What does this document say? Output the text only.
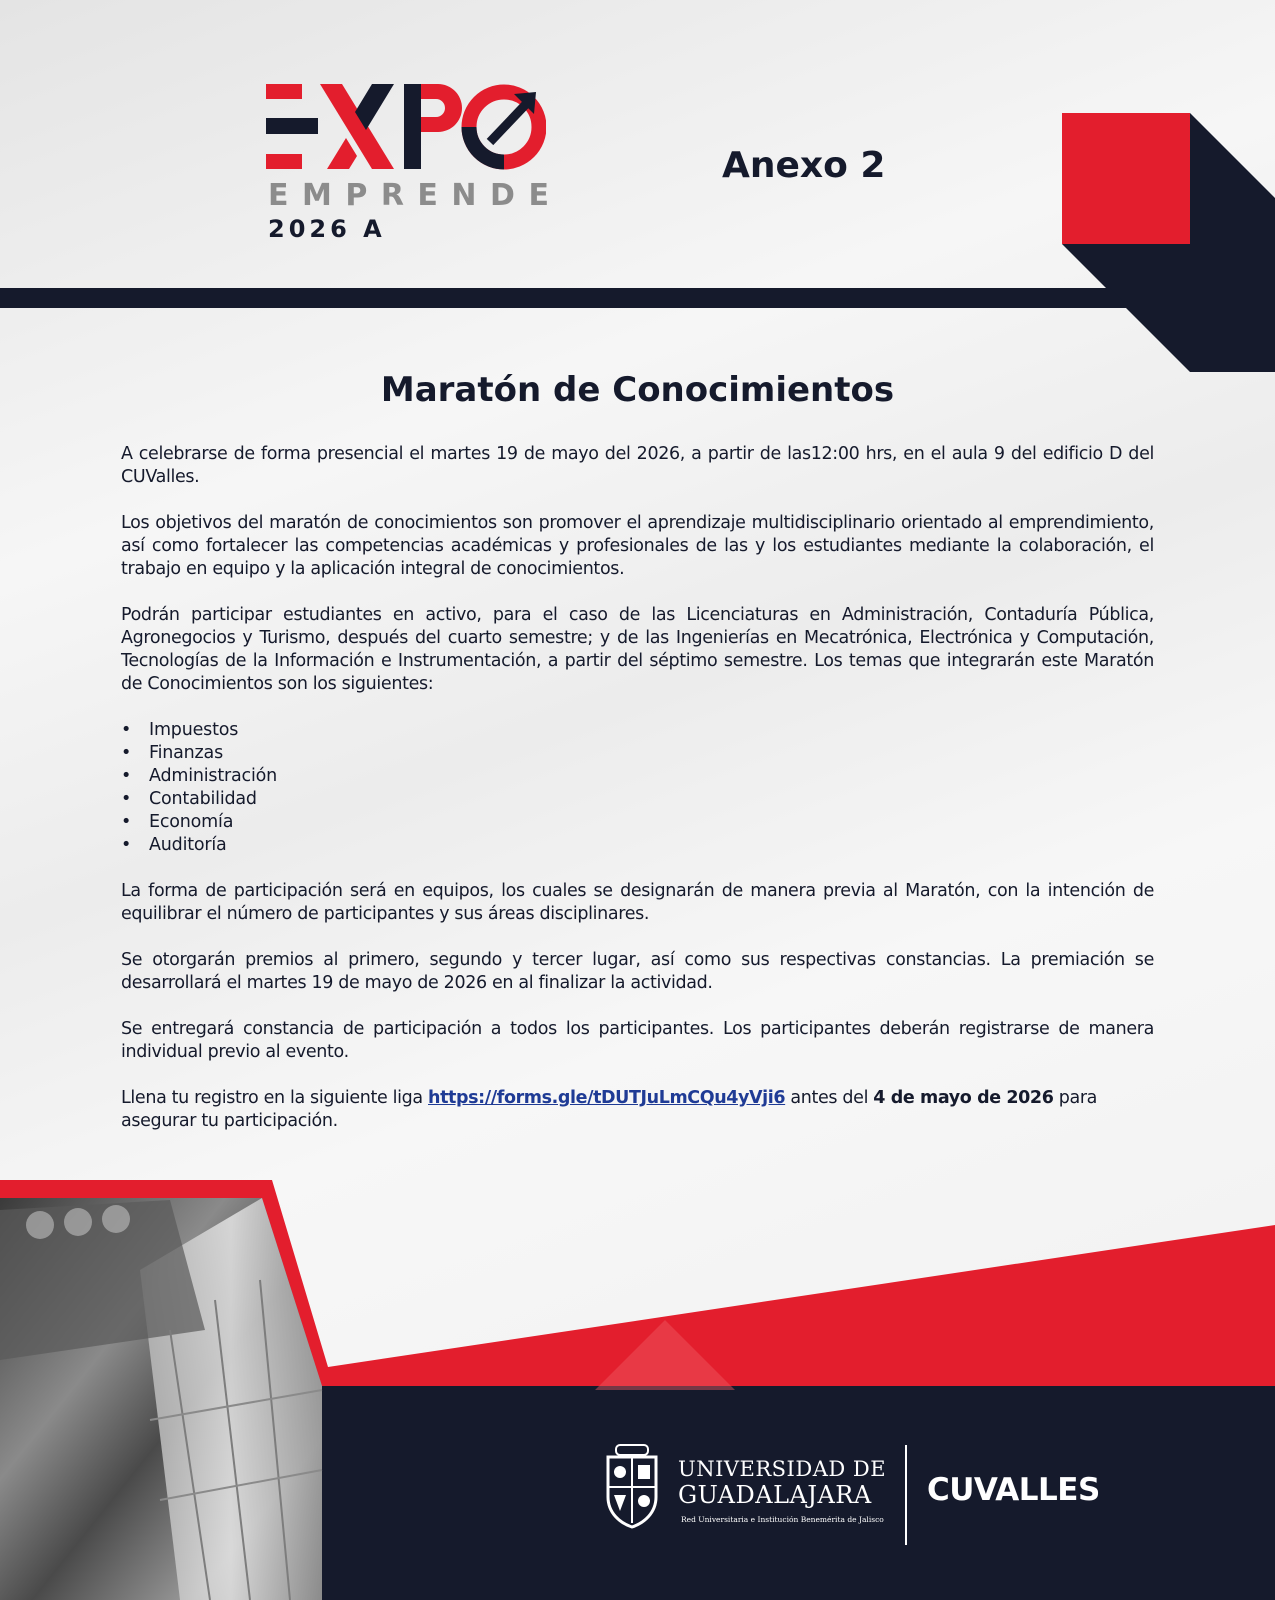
EMPRENDE

2026 A

Anexo 2

Maratón de Conocimientos

A celebrarse de forma presencial el martes 19 de mayo del 2026, a partir de las12:00 hrs, en el aula 9 del edificio D del CUValles.

Los objetivos del maratón de conocimientos son promover el aprendizaje multidisciplinario orientado al emprendimiento, así como fortalecer las competencias académicas y profesionales de las y los estudiantes mediante la colaboración, el trabajo en equipo y la aplicación integral de conocimientos.

Podrán participar estudiantes en activo, para el caso de las Licenciaturas en Administración, Contaduría Pública, Agronegocios y Turismo, después del cuarto semestre; y de las Ingenierías en Mecatrónica, Electrónica y Computación, Tecnologías de la Información e Instrumentación, a partir del séptimo semestre. Los temas que integrarán este Maratón de Conocimientos son los siguientes:

• Impuestos
• Finanzas
• Administración
• Contabilidad
• Economía
• Auditoría

La forma de participación será en equipos, los cuales se designarán de manera previa al Maratón, con la intención de equilibrar el número de participantes y sus áreas disciplinares.

Se otorgarán premios al primero, segundo y tercer lugar, así como sus respectivas constancias. La premiación se desarrollará el martes 19 de mayo de 2026 en al finalizar la actividad.

Se entregará constancia de participación a todos los participantes. Los participantes deberán registrarse de manera individual previo al evento.

Llena tu registro en la siguiente liga https://forms.gle/tDUTJuLmCQu4yVji6 antes del 4 de mayo de 2026 para asegurar tu participación.

UNIVERSIDAD DE

GUADALAJARA

Red Universitaria e Institución Benemérita de Jalisco

CUVALLES
